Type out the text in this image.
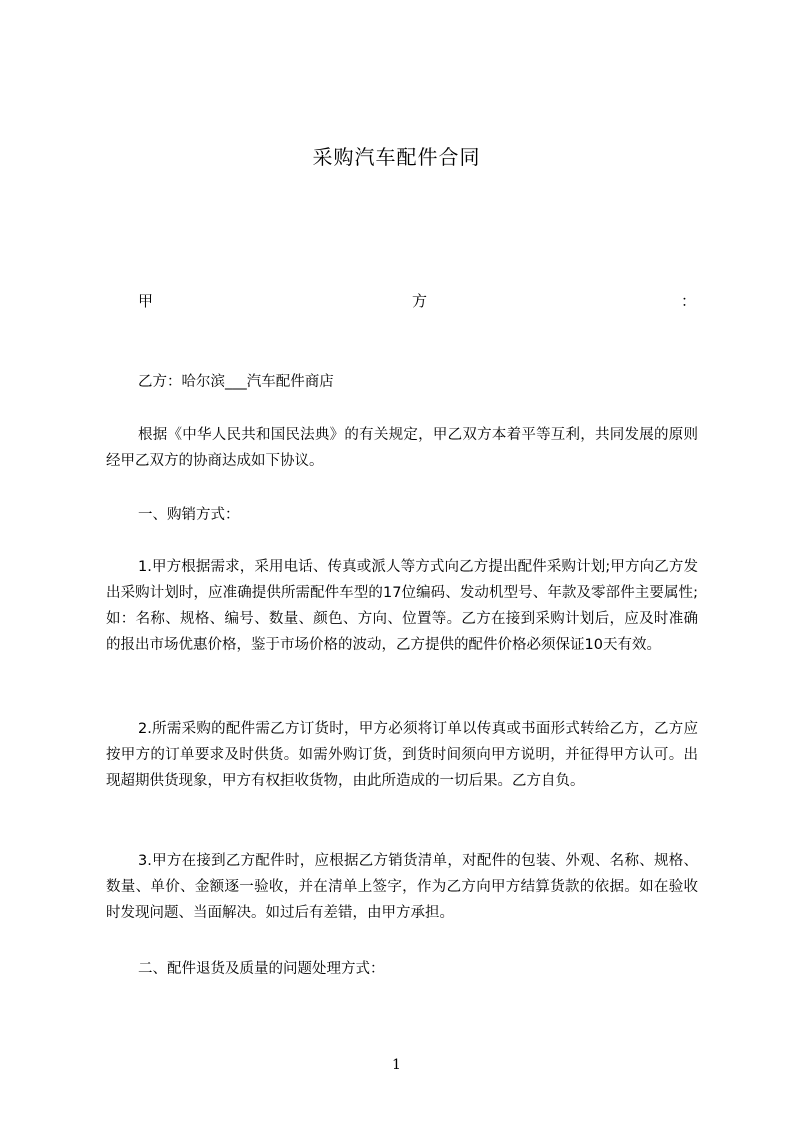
采购汽车配件合同
甲	方	：

乙方：哈尔滨___汽车配件商店

根据《中华人民共和国民法典》的有关规定，甲乙双方本着平等互利，共同发展的原则经甲乙双方的协商达成如下协议。

一、购销方式：

1.甲方根据需求，采用电话、传真或派人等方式向乙方提出配件采购计划;甲方向乙方发出采购计划时，应准确提供所需配件车型的17位编码、发动机型号、年款及零部件主要属性;如：名称、规格、编号、数量、颜色、方向、位置等。乙方在接到采购计划后，应及时准确的报出市场优惠价格，鉴于市场价格的波动，乙方提供的配件价格必须保证10天有效。

2.所需采购的配件需乙方订货时，甲方必须将订单以传真或书面形式转给乙方，乙方应按甲方的订单要求及时供货。如需外购订货，到货时间须向甲方说明，并征得甲方认可。出现超期供货现象，甲方有权拒收货物，由此所造成的一切后果。乙方自负。

3.甲方在接到乙方配件时，应根据乙方销货清单，对配件的包装、外观、名称、规格、数量、单价、金额逐一验收，并在清单上签字，作为乙方向甲方结算货款的依据。如在验收时发现问题、当面解决。如过后有差错，由甲方承担。

二、配件退货及质量的问题处理方式：

1
